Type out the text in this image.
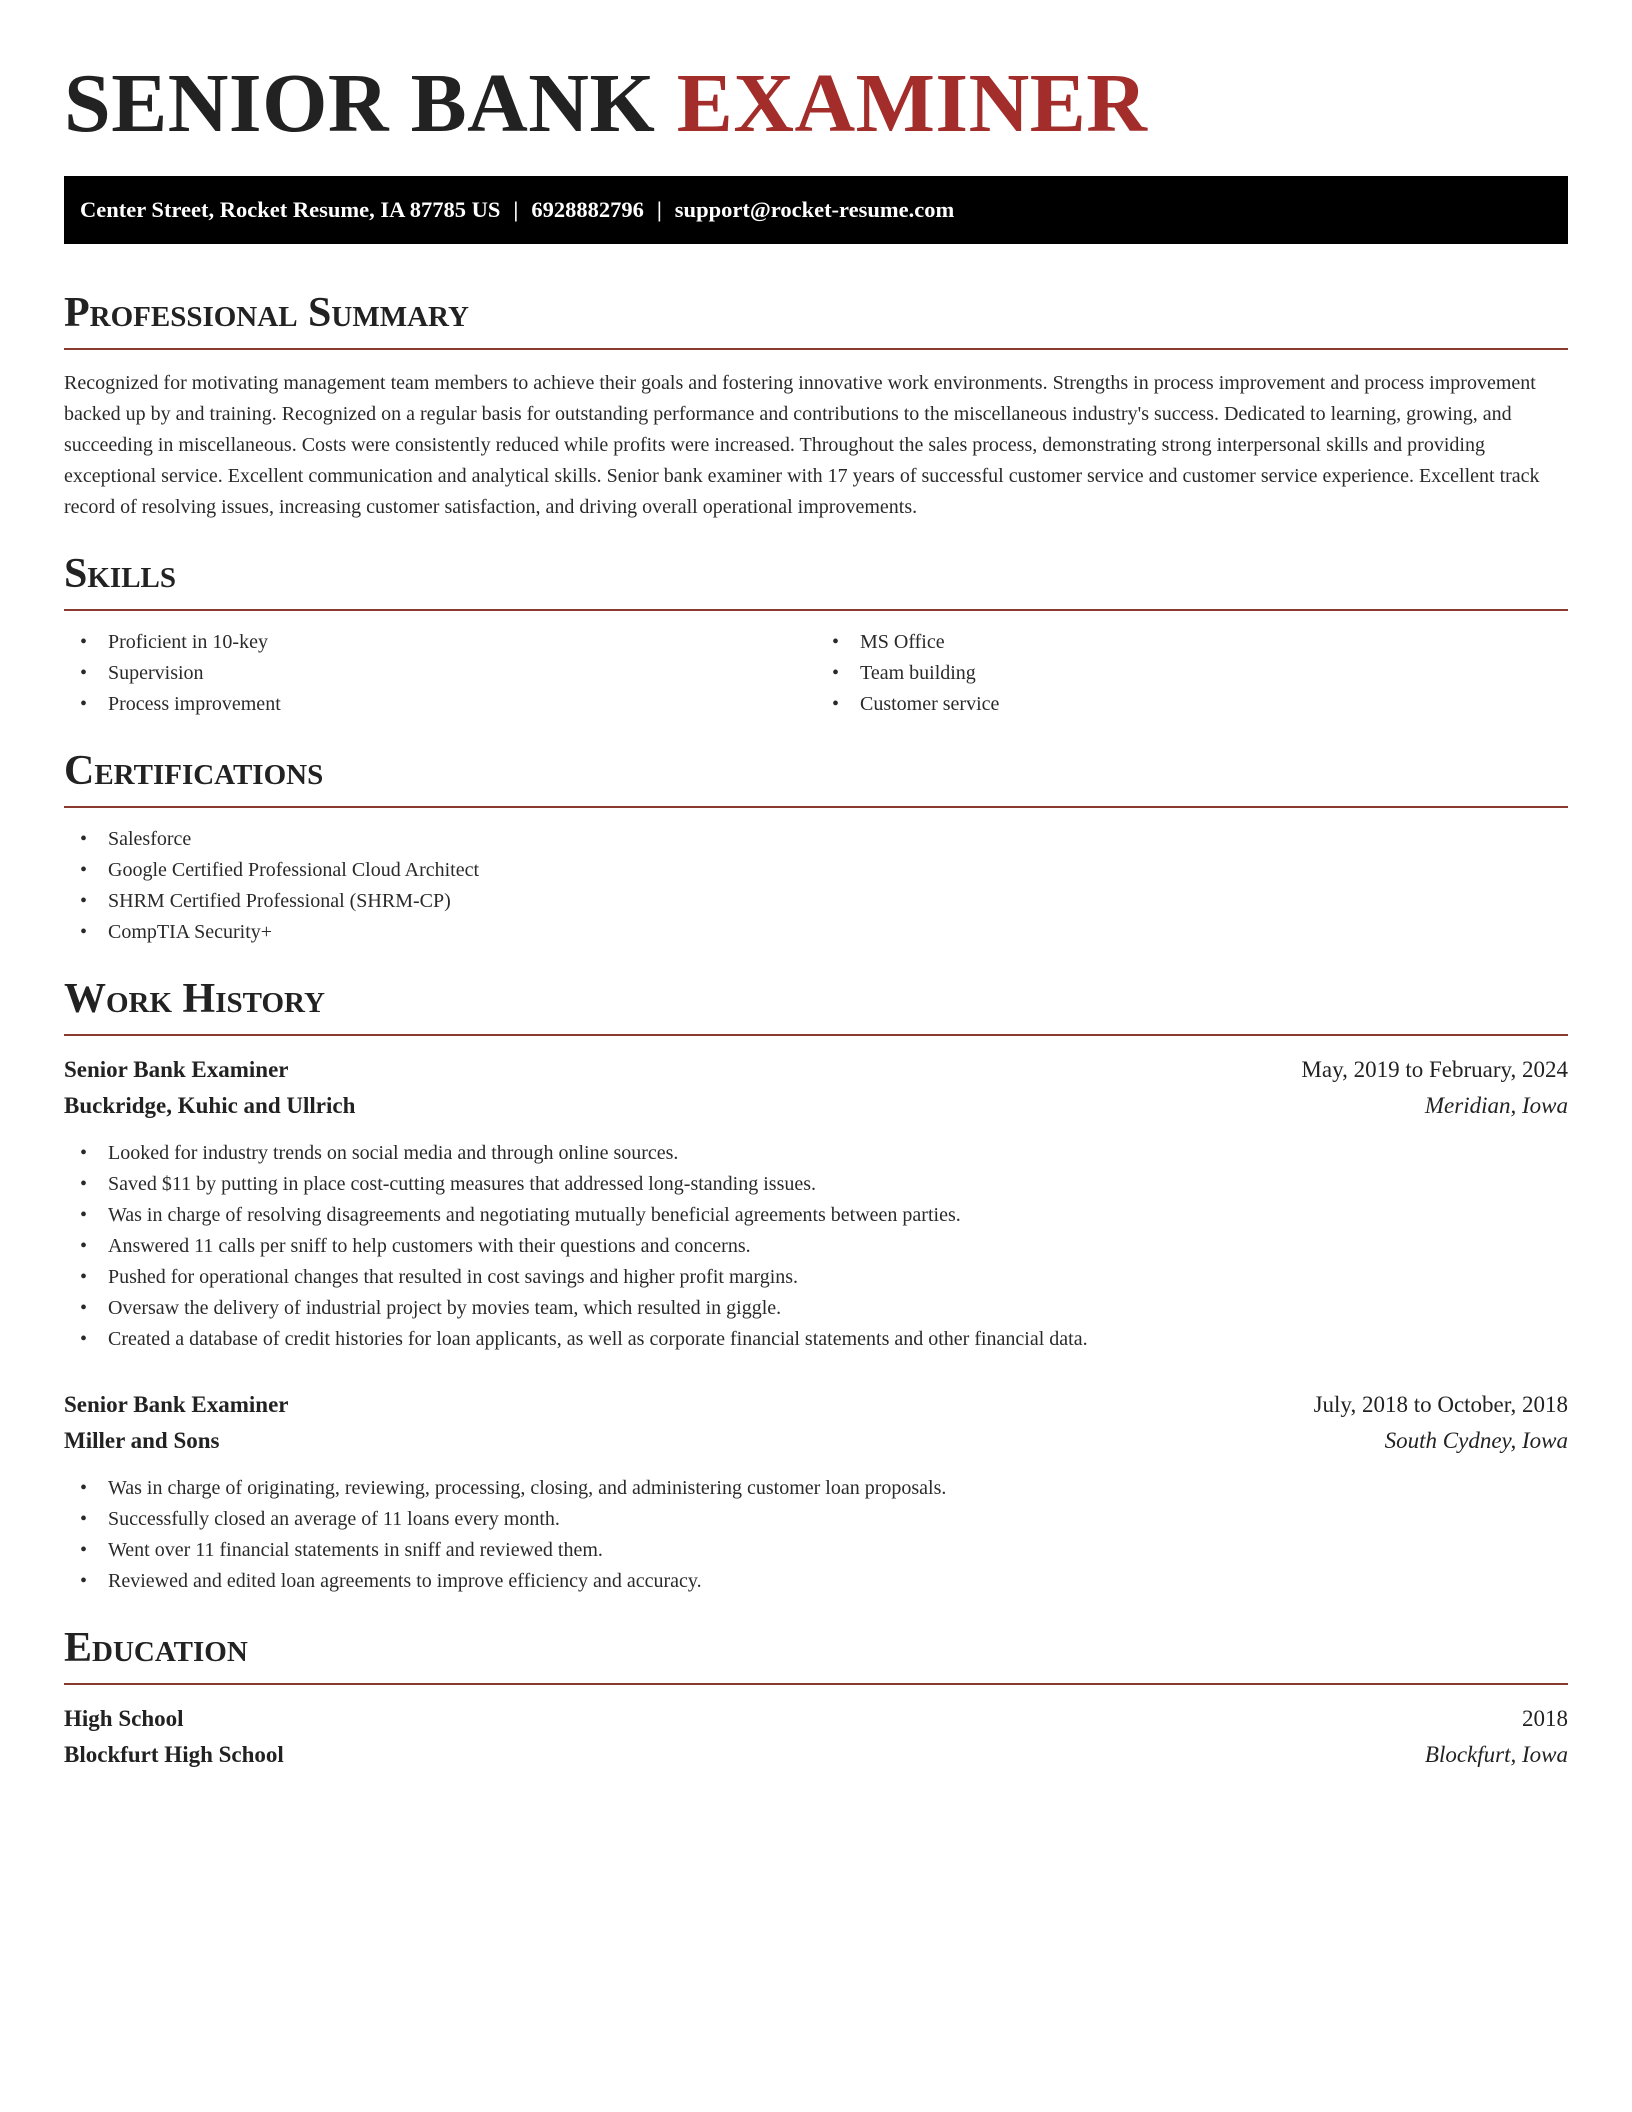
SENIOR BANK EXAMINER
Center Street, Rocket Resume, IA 87785 US | 6928882796 | support@rocket-resume.com
Professional Summary

Recognized for motivating management team members to achieve their goals and fostering innovative work environments. Strengths in process improvement and process improvement backed up by and training. Recognized on a regular basis for outstanding performance and contributions to the miscellaneous industry's success. Dedicated to learning, growing, and succeeding in miscellaneous. Costs were consistently reduced while profits were increased. Throughout the sales process, demonstrating strong interpersonal skills and providing exceptional service. Excellent communication and analytical skills. Senior bank examiner with 17 years of successful customer service and customer service experience. Excellent track record of resolving issues, increasing customer satisfaction, and driving overall operational improvements.

Skills
• Proficient in 10-key
• Supervision
• Process improvement
• MS Office
• Team building
• Customer service
Certifications
• Salesforce
• Google Certified Professional Cloud Architect
• SHRM Certified Professional (SHRM-CP)
• CompTIA Security+
Work History
Senior Bank Examiner	May, 2019 to February, 2024
Buckridge, Kuhic and Ullrich	Meridian, Iowa
• Looked for industry trends on social media and through online sources.
• Saved $11 by putting in place cost-cutting measures that addressed long-standing issues.
• Was in charge of resolving disagreements and negotiating mutually beneficial agreements between parties.
• Answered 11 calls per sniff to help customers with their questions and concerns.
• Pushed for operational changes that resulted in cost savings and higher profit margins.
• Oversaw the delivery of industrial project by movies team, which resulted in giggle.
• Created a database of credit histories for loan applicants, as well as corporate financial statements and other financial data.
Senior Bank Examiner	July, 2018 to October, 2018
Miller and Sons	South Cydney, Iowa
• Was in charge of originating, reviewing, processing, closing, and administering customer loan proposals.
• Successfully closed an average of 11 loans every month.
• Went over 11 financial statements in sniff and reviewed them.
• Reviewed and edited loan agreements to improve efficiency and accuracy.
Education
High School	2018
Blockfurt High School	Blockfurt, Iowa
